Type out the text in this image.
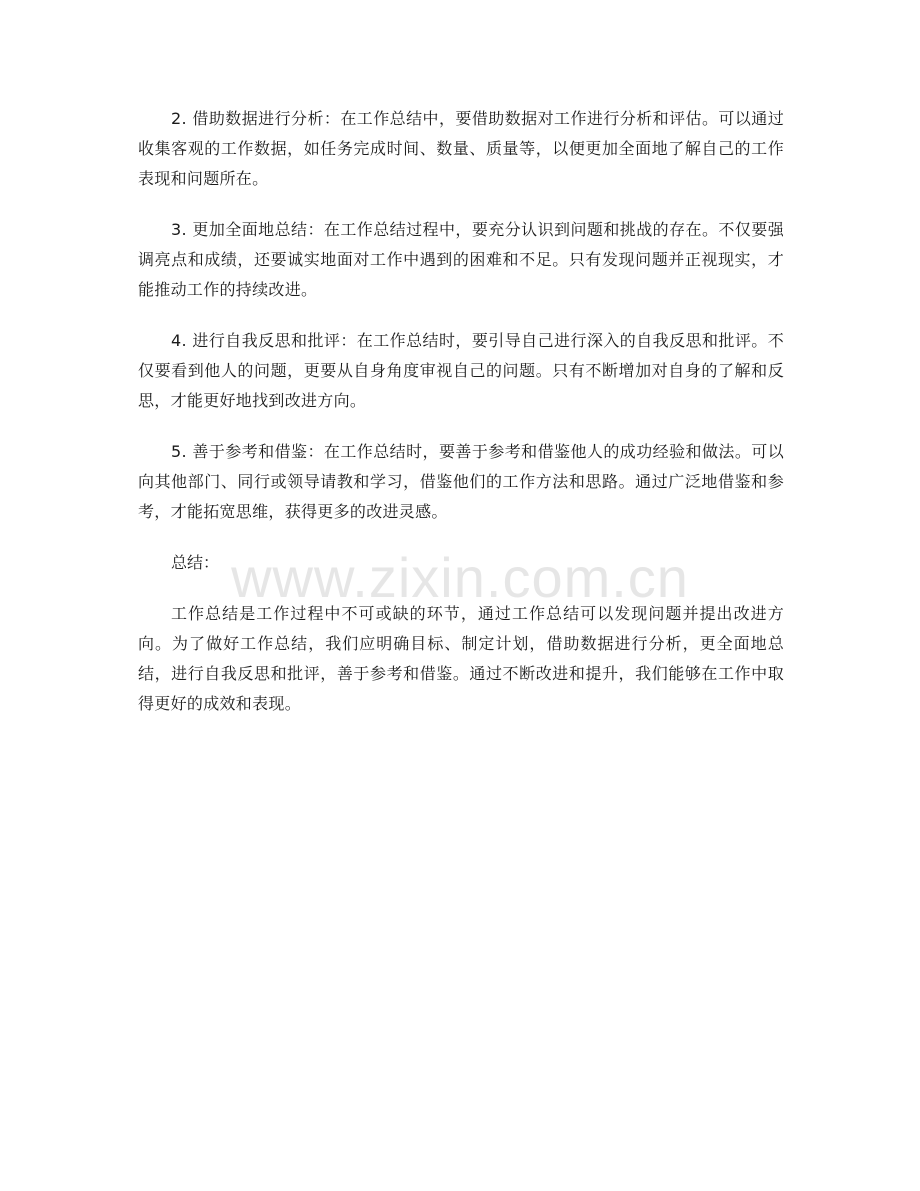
2. 借助数据进行分析：在工作总结中，要借助数据对工作进行分析和评估。可以通过收集客观的工作数据，如任务完成时间、数量、质量等，以便更加全面地了解自己的工作表现和问题所在。

3. 更加全面地总结：在工作总结过程中，要充分认识到问题和挑战的存在。不仅要强调亮点和成绩，还要诚实地面对工作中遇到的困难和不足。只有发现问题并正视现实，才能推动工作的持续改进。

4. 进行自我反思和批评：在工作总结时，要引导自己进行深入的自我反思和批评。不仅要看到他人的问题，更要从自身角度审视自己的问题。只有不断增加对自身的了解和反思，才能更好地找到改进方向。

5. 善于参考和借鉴：在工作总结时，要善于参考和借鉴他人的成功经验和做法。可以向其他部门、同行或领导请教和学习，借鉴他们的工作方法和思路。通过广泛地借鉴和参考，才能拓宽思维，获得更多的改进灵感。

总结：

工作总结是工作过程中不可或缺的环节，通过工作总结可以发现问题并提出改进方向。为了做好工作总结，我们应明确目标、制定计划，借助数据进行分析，更全面地总结，进行自我反思和批评，善于参考和借鉴。通过不断改进和提升，我们能够在工作中取得更好的成效和表现。

www.zixin.com.cn
